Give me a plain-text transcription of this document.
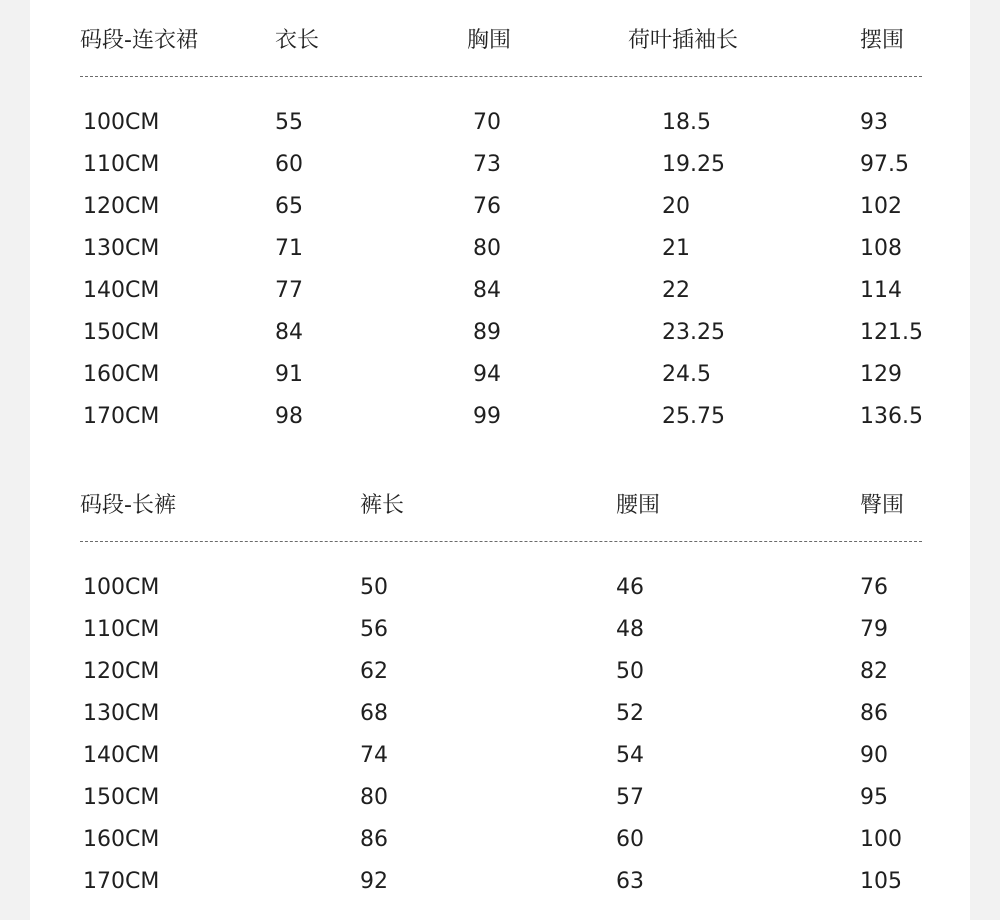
码段-连衣裙	衣长	胸围	荷叶插袖长	摆围
100CM	55	70	18.5	93
110CM	60	73	19.25	97.5
120CM	65	76	20	102
130CM	71	80	21	108
140CM	77	84	22	114
150CM	84	89	23.25	121.5
160CM	91	94	24.5	129
170CM	98	99	25.75	136.5
码段-长裤	裤长	腰围	臀围
100CM	50	46	76
110CM	56	48	79
120CM	62	50	82
130CM	68	52	86
140CM	74	54	90
150CM	80	57	95
160CM	86	60	100
170CM	92	63	105
